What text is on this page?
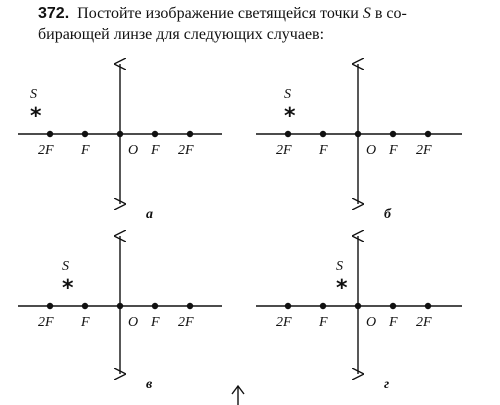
372. Постойте изображение светящейся точки S в со-
бирающей линзе для следующих случаев:
2F F	O F 2F
S
*
а
2F F	O F 2F
S
*
б
2F F	O F 2F
S
*
в
2F F	O F 2F
S
*
г
